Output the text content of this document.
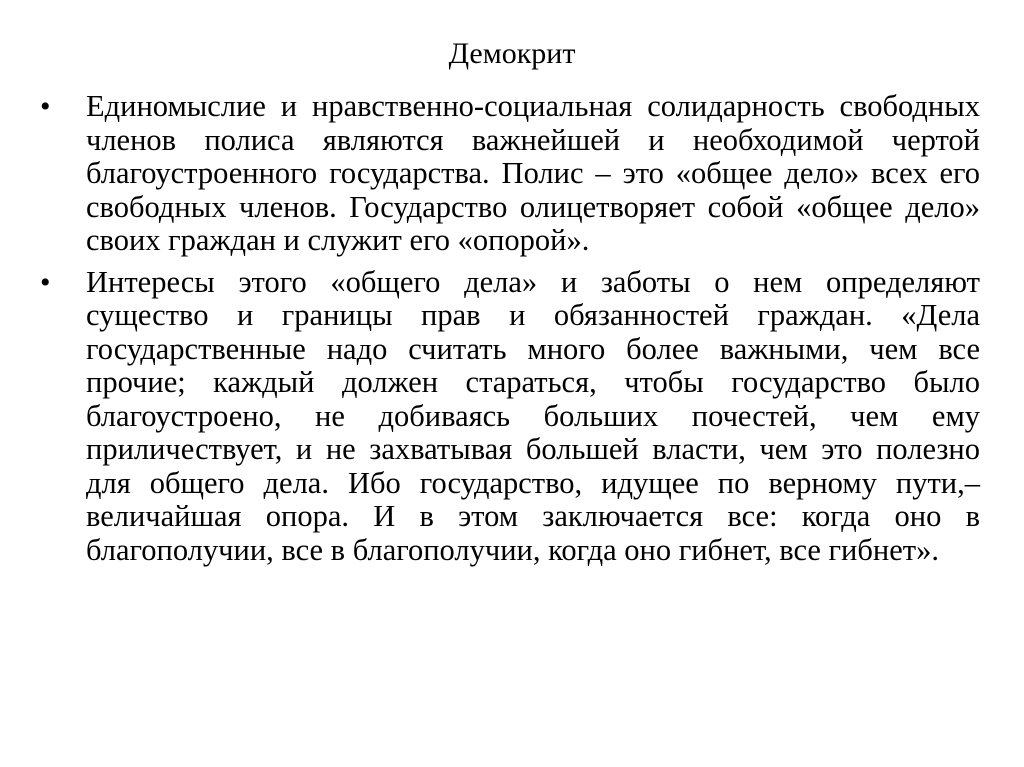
Демокрит
• Единомыслие и нравственно-социальная солидарность свободных членов полиса являются важнейшей и необходимой чертой благоустроенного государства. Полис – это «общее дело» всех его свободных членов. Государство олицетворяет собой «общее дело» своих граждан и служит его «опорой».
• Интересы этого «общего дела» и заботы о нем определяют существо и границы прав и обязанностей граждан. «Дела государственные надо считать много более важными, чем все прочие; каждый должен стараться, чтобы государство было благоустроено, не добиваясь больших почестей, чем ему приличествует, и не захватывая большей власти, чем это полезно для общего дела. Ибо государство, идущее по верному пути,– величайшая опора. И в этом заключается все: когда оно в благополучии, все в благополучии, когда оно гибнет, все гибнет».
